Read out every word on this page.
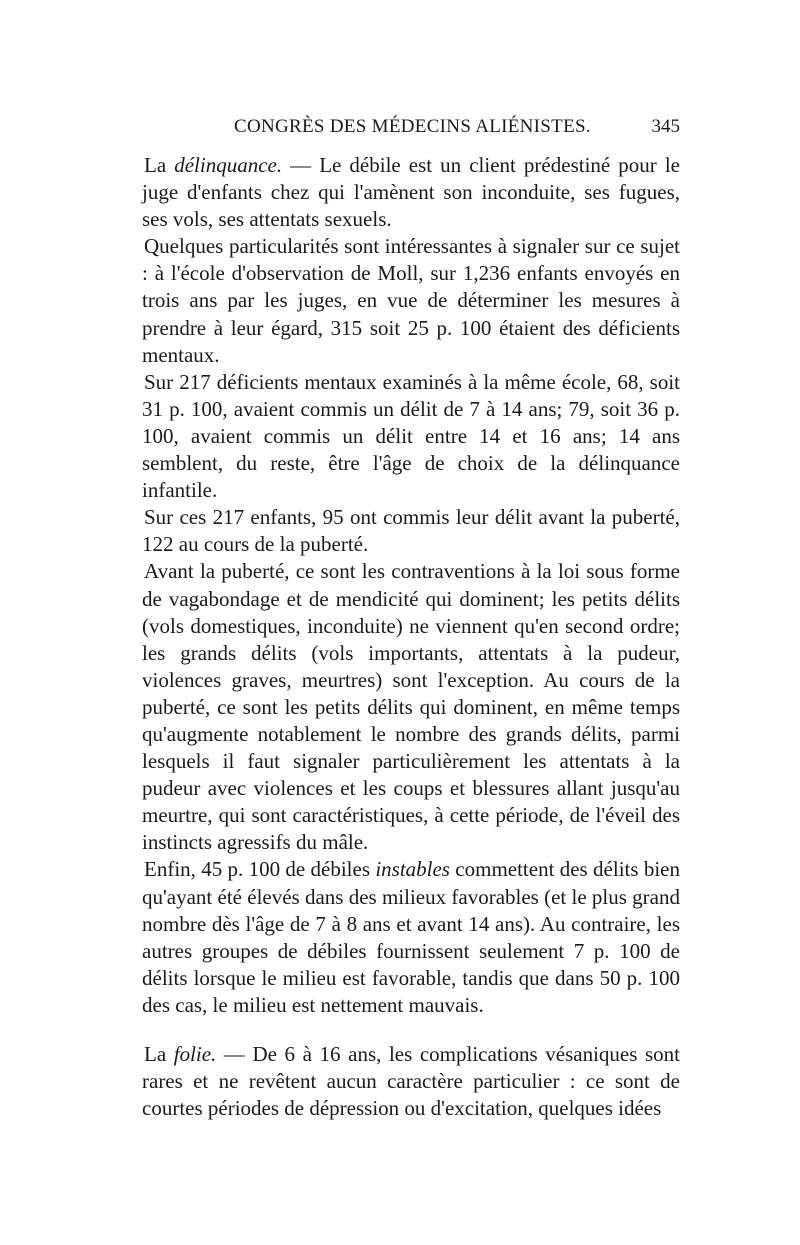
CONGRÈS DES MÉDECINS ALIÉNISTES.	345

La délinquance. — Le débile est un client prédestiné pour le juge d'enfants chez qui l'amènent son inconduite, ses fugues, ses vols, ses attentats sexuels.

Quelques particularités sont intéressantes à signaler sur ce sujet : à l'école d'observation de Moll, sur 1,236 enfants envoyés en trois ans par les juges, en vue de déterminer les mesures à prendre à leur égard, 315 soit 25 p. 100 étaient des déficients mentaux.

Sur 217 déficients mentaux examinés à la même école, 68, soit 31 p. 100, avaient commis un délit de 7 à 14 ans; 79, soit 36 p. 100, avaient commis un délit entre 14 et 16 ans; 14 ans semblent, du reste, être l'âge de choix de la délinquance infantile.

Sur ces 217 enfants, 95 ont commis leur délit avant la puberté, 122 au cours de la puberté.

Avant la puberté, ce sont les contraventions à la loi sous forme de vagabondage et de mendicité qui dominent; les petits délits (vols domestiques, inconduite) ne viennent qu'en second ordre; les grands délits (vols importants, attentats à la pudeur, violences graves, meurtres) sont l'exception. Au cours de la puberté, ce sont les petits délits qui dominent, en même temps qu'augmente notablement le nombre des grands délits, parmi lesquels il faut signaler particulièrement les attentats à la pudeur avec violences et les coups et blessures allant jusqu'au meurtre, qui sont caractéristiques, à cette période, de l'éveil des instincts agressifs du mâle.

Enfin, 45 p. 100 de débiles instables commettent des délits bien qu'ayant été élevés dans des milieux favorables (et le plus grand nombre dès l'âge de 7 à 8 ans et avant 14 ans). Au contraire, les autres groupes de débiles fournissent seulement 7 p. 100 de délits lorsque le milieu est favorable, tandis que dans 50 p. 100 des cas, le milieu est nettement mauvais.

La folie. — De 6 à 16 ans, les complications vésaniques sont rares et ne revêtent aucun caractère particulier : ce sont de courtes périodes de dépression ou d'excitation, quelques idées
